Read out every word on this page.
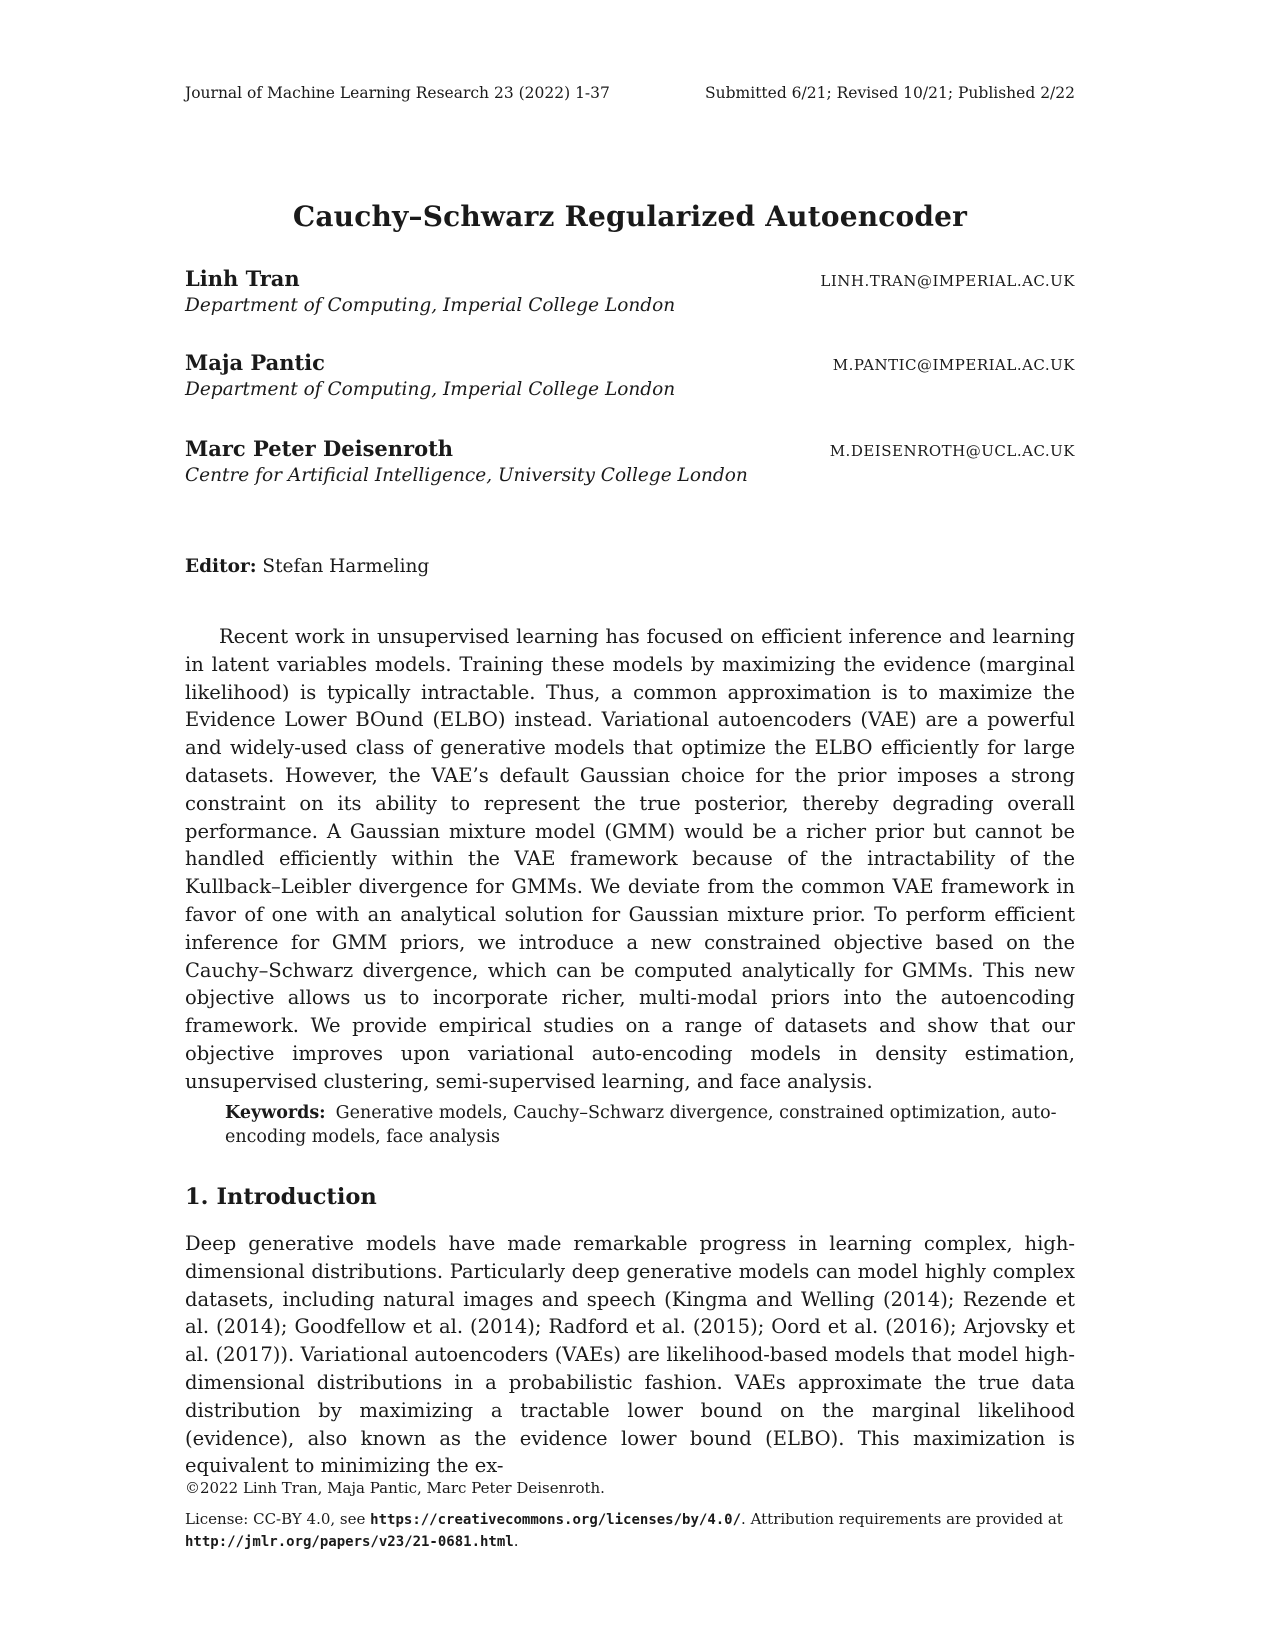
Journal of Machine Learning Research 23 (2022) 1-37	Submitted 6/21; Revised 10/21; Published 2/22
Cauchy–Schwarz Regularized Autoencoder
Linh Tran	LINH.TRAN@IMPERIAL.AC.UK
Department of Computing, Imperial College London
Maja Pantic	M.PANTIC@IMPERIAL.AC.UK
Department of Computing, Imperial College London
Marc Peter Deisenroth	M.DEISENROTH@UCL.AC.UK
Centre for Artificial Intelligence, University College London
Editor: Stefan Harmeling
Recent work in unsupervised learning has focused on efficient inference and learning in latent variables models. Training these models by maximizing the evidence (marginal likelihood) is typically intractable. Thus, a common approximation is to maximize the Evidence Lower BOund (ELBO) instead. Variational autoencoders (VAE) are a powerful and widely-used class of generative models that optimize the ELBO efficiently for large datasets. However, the VAE’s default Gaussian choice for the prior imposes a strong constraint on its ability to represent the true posterior, thereby degrading overall performance. A Gaussian mixture model (GMM) would be a richer prior but cannot be handled efficiently within the VAE framework because of the intractability of the Kullback–Leibler divergence for GMMs. We deviate from the common VAE framework in favor of one with an analytical solution for Gaussian mixture prior. To perform efficient inference for GMM priors, we introduce a new constrained objective based on the Cauchy–Schwarz divergence, which can be computed analytically for GMMs. This new objective allows us to incorporate richer, multi-modal priors into the autoencoding framework. We provide empirical studies on a range of datasets and show that our objective improves upon variational auto-encoding models in density estimation, unsupervised clustering, semi-supervised learning, and face analysis.
Keywords: Generative models, Cauchy–Schwarz divergence, constrained optimization, auto-encoding models, face analysis
1. Introduction
Deep generative models have made remarkable progress in learning complex, high-dimensional distributions. Particularly deep generative models can model highly complex datasets, including natural images and speech (Kingma and Welling (2014); Rezende et al. (2014); Goodfellow et al. (2014); Radford et al. (2015); Oord et al. (2016); Arjovsky et al. (2017)). Variational autoencoders (VAEs) are likelihood-based models that model high-dimensional distributions in a probabilistic fashion. VAEs approximate the true data distribution by maximizing a tractable lower bound on the marginal likelihood (evidence), also known as the evidence lower bound (ELBO). This maximization is equivalent to minimizing the ex-
©2022 Linh Tran, Maja Pantic, Marc Peter Deisenroth.
License: CC-BY 4.0, see https://creativecommons.org/licenses/by/4.0/. Attribution requirements are provided at http://jmlr.org/papers/v23/21-0681.html.
